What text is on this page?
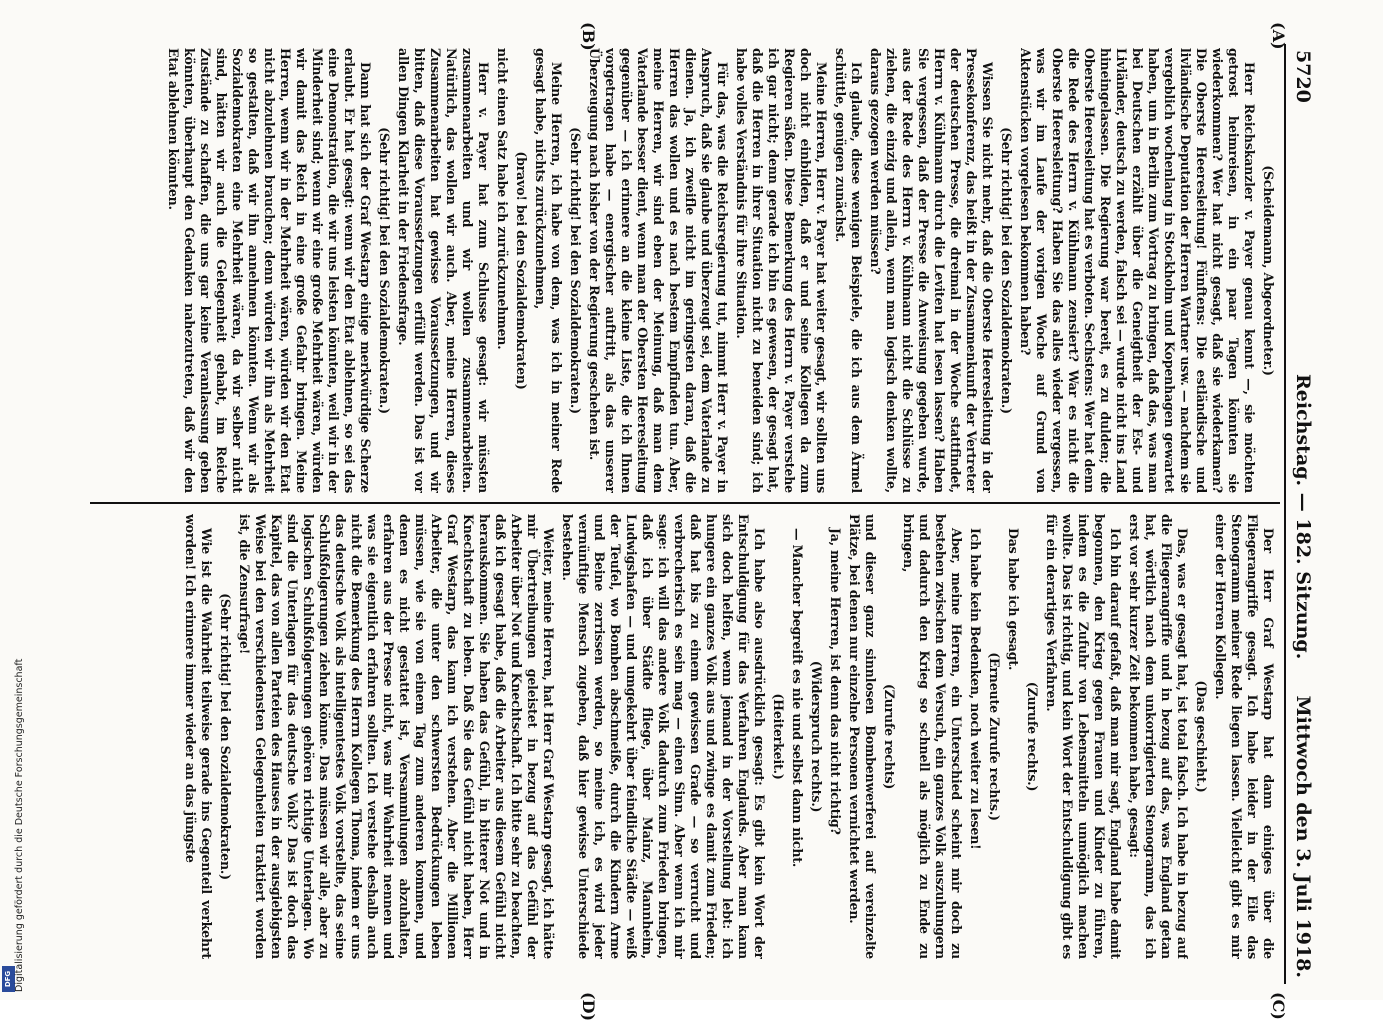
5720
Reichstag. — 182. Sitzung.
Mittwoch den 3. Juli 1918.
(A)
(B)
(C)
(D)

(Scheidemann, Abgeordneter.)

Herr Reichskanzler v. Payer genau kennt —, sie möchten getrost heimreisen, in ein paar Tagen könnten sie wiederkommen? Wer hat nicht gesagt, daß sie wiederkamen? Die Oberste Heeresleitung! Fünftens: Die estländische und livländische Deputation der Herren Wartner usw. — nachdem sie vergeblich wochenlang in Stockholm und Kopenhagen gewartet haben, um in Berlin zum Vortrag zu bringen, daß das, was man bei Deutschen erzählt über die Geneigtheit der Est- und Livländer, deutsch zu werden, falsch sei — wurde nicht ins Land hineingelassen. Die Regierung war bereit, es zu dulden; die Oberste Heeresleitung hat es verboten. Sechstens: Wer hat denn die Rede des Herrn v. Kühlmann zensiert? War es nicht die Oberste Heeresleitung? Haben Sie das alles wieder vergessen, was wir im Laufe der vorigen Woche auf Grund von Aktenstücken vorgelesen bekommen haben?

(Sehr richtig! bei den Sozialdemokraten.)

Wissen Sie nicht mehr, daß die Oberste Heeresleitung in der Pressekonferenz, das heißt in der Zusammenkunft der Vertreter der deutschen Presse, die dreimal in der Woche stattfindet, Herrn v. Kühlmann durch die Leviten hat lesen lassen? Haben Sie vergessen, daß der Presse die Anweisung gegeben wurde, aus der Rede des Herrn v. Kühlmann nicht die Schlüsse zu ziehen, die einzig und allein, wenn man logisch denken wollte, daraus gezogen werden müssen?

Ich glaube, diese wenigen Beispiele, die ich aus dem Ärmel schüttle, genügen zunächst.

Meine Herren, Herr v. Payer hat weiter gesagt, wir sollten uns doch nicht einbilden, daß er und seine Kollegen da zum Regieren säßen. Diese Bemerkung des Herrn v. Payer verstehe ich gar nicht; denn gerade ich bin es gewesen, der gesagt hat, daß die Herren in ihrer Situation nicht zu beneiden sind; ich habe volles Verständnis für ihre Situation.

Für das, was die Reichsregierung tut, nimmt Herr v. Payer in Anspruch, daß sie glaube und überzeugt sei, dem Vaterlande zu dienen. Ja, ich zweifle nicht im geringsten daran, daß die Herren das wollen und es nach bestem Empfinden tun. Aber, meine Herren, wir sind eben der Meinung, daß man dem Vaterlande besser dient, wenn man der Obersten Heeresleitung gegenüber — ich erinnere an die kleine Liste, die ich Ihnen vorgetragen habe — energischer auftritt, als das unserer Überzeugung nach bisher von der Regierung geschehen ist.

(Sehr richtig! bei den Sozialdemokraten.)

Meine Herren, ich habe von dem, was ich in meiner Rede gesagt habe, nichts zurückzunehmen,

(bravo! bei den Sozialdemokraten)

nicht einen Satz habe ich zurückzunehmen.

Herr v. Payer hat zum Schlusse gesagt: wir müssten zusammenarbeiten und wir wollen zusammenarbeiten. Natürlich, das wollen wir auch. Aber, meine Herren, dieses Zusammenarbeiten hat gewisse Voraussetzungen, und wir bitten, daß diese Voraussetzungen erfüllt werden. Das ist vor allen Dingen Klarheit in der Friedensfrage.

(Sehr richtig! bei den Sozialdemokraten.)

Dann hat sich der Graf Westarp einige merkwürdige Scherze erlaubt. Er hat gesagt: wenn wir den Etat ablehnen, so sei das eine Demonstration, die wir uns leisten könnten, weil wir in der Minderheit sind; wenn wir eine große Mehrheit wären, würden wir damit das Reich in eine große Gefahr bringen. Meine Herren, wenn wir in der Mehrheit wären, würden wir den Etat nicht abzulehnen brauchen; denn würden wir ihn als Mehrheit so gestalten, daß wir ihn annehmen könnten. Wenn wir als Sozialdemokraten eine Mehrheit wären, da wir selber nicht sind, hätten wir auch die Gelegenheit gehabt, im Reiche Zustände zu schaffen, die uns gar keine Veranlassung geben könnten, überhaupt den Gedanken nahezutreten, daß wir den Etat ablehnen könnten.

Der Herr Graf Westarp hat dann einiges über die Fliegerangriffe gesagt. Ich habe leider in der Eile das Stenogramm meiner Rede liegen lassen. Vielleicht gibt es mir einer der Herren Kollegen.

(Das geschieht.)

Das, was er gesagt hat, ist total falsch. Ich habe in bezug auf die Fliegerangriffe und in bezug auf das, was England getan hat, wörtlich nach dem unkorrigierten Stenogramm, das ich erst vor sehr kurzer Zeit bekommen habe, gesagt:

Ich bin darauf gefaßt, daß man mir sagt, England habe damit begonnen, den Krieg gegen Frauen und Kinder zu führen, indem es die Zufuhr von Lebensmitteln unmöglich machen wollte. Das ist richtig, und kein Wort der Entschuldigung gibt es für ein derartiges Verfahren.

(Zurufe rechts.)

Das habe ich gesagt.

(Erneute Zurufe rechts.)

Ich habe kein Bedenken, noch weiter zu lesen!

Aber, meine Herren, ein Unterschied scheint mir doch zu bestehen zwischen dem Versuch, ein ganzes Volk auszuhungern und dadurch den Krieg so schnell als möglich zu Ende zu bringen,

(Zurufe rechts)

und dieser ganz sinnlosen Bombenwerferei auf vereinzelte Plätze, bei denen nur einzelne Personen vernichtet werden.

Ja, meine Herren, ist denn das nicht richtig?

(Widerspruch rechts.)

— Mancher begreift es nie und selbst dann nicht.

(Heiterkeit.)

Ich habe also ausdrücklich gesagt: Es gibt kein Wort der Entschuldigung für das Verfahren Englands. Aber man kann sich doch helfen, wenn jemand in der Vorstellung lebt: ich hungere ein ganzes Volk aus und zwinge es damit zum Frieden; daß hat bis zu einem gewissen Grade — so verrucht und verbrecherisch es sein mag — einen Sinn. Aber wenn ich mir sage: ich will das andere Volk dadurch zum Frieden bringen, daß ich über Städte fliege, über Mainz, Mannheim, Ludwigshafen — und umgekehrt über feindliche Städte — weiß der Teufel, wo Bomben abschmeiße, durch die Kindern Arme und Beine zerrissen werden, so meine ich, es wird jeder vernünftige Mensch zugeben, daß hier gewisse Unterschiede bestehen.

Weiter, meine Herren, hat Herr Graf Westarp gesagt, ich hätte mir Übertreibungen geleistet in bezug auf das Gefühl der Arbeiter über Not und Knechtschaft. Ich bitte sehr zu beachten, daß ich gesagt habe, daß die Arbeiter aus diesem Gefühl nicht herauskommen. Sie haben das Gefühl, in bitterer Not und in Knechtschaft zu leben. Daß Sie das Gefühl nicht haben, Herr Graf Westarp, das kann ich verstehen. Aber die Millionen Arbeiter, die unter den schwersten Bedrückungen leben müssen, wie sie von einem Tag zum anderen kommen, und denen es nicht gestattet ist, Versammlungen abzuhalten, erfahren aus der Presse nicht, was mir Wahrheit nennen und was sie eigentlich erfahren sollten. Ich verstehe deshalb auch nicht die Bemerkung des Herrn Kollegen Thoma, indem er uns das deutsche Volk als intelligentestes Volk vorstellte, das seine Schlußfolgerungen ziehen könne. Das müssen wir alle, aber zu logischen Schlußfolgerungen gehören richtige Unterlagen. Wo sind die Unterlagen für das deutsche Volk? Das ist doch das Kapitel, das von allen Parteien des Hauses in der ausgiebigsten Weise bei den verschiedensten Gelegenheiten traktiert worden ist, die Zensurfrage!

(Sehr richtig! bei den Sozialdemokraten.)

Wie ist die Wahrheit teilweise gerade ins Gegenteil verkehrt worden! Ich erinnere immer wieder an das jüngste

DFG Digitalisierung gefördert durch die Deutsche Forschungsgemeinschaft
